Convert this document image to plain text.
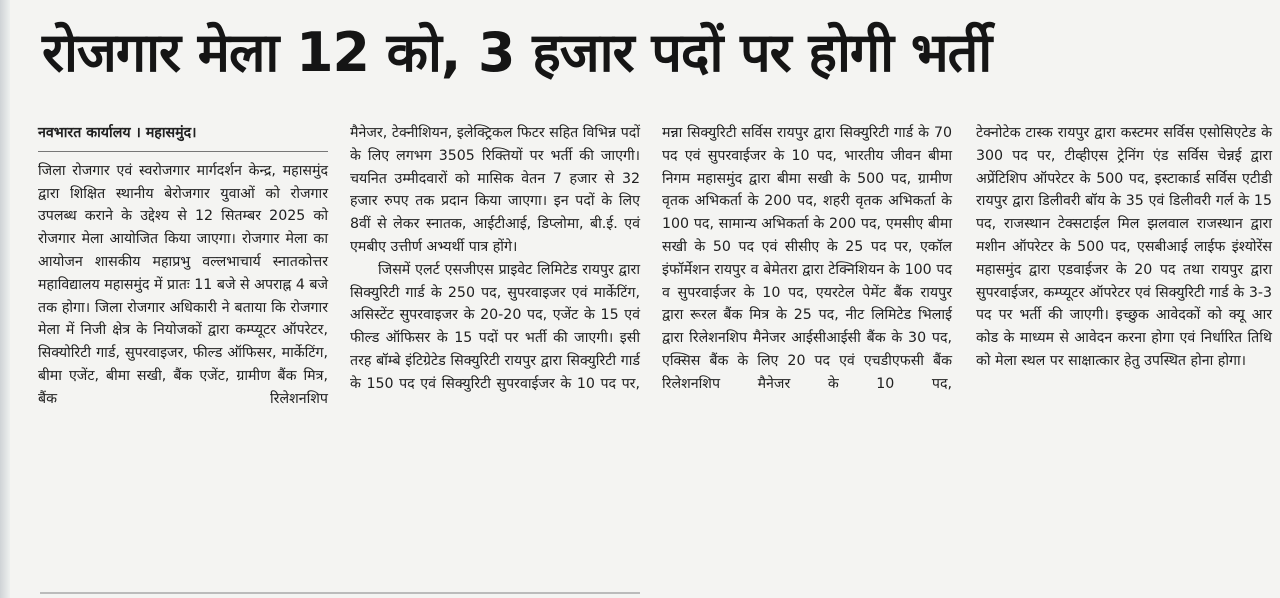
रोजगार मेला 12 को, 3 हजार पदों पर होगी भर्ती

नवभारत कार्यालय । महासमुंद।

जिला रोजगार एवं स्वरोजगार मार्गदर्शन केन्द्र, महासमुंद द्वारा शिक्षित स्थानीय बेरोजगार युवाओं को रोजगार उपलब्ध कराने के उद्देश्य से 12 सितम्बर 2025 को रोजगार मेला आयोजित किया जाएगा। रोजगार मेला का आयोजन शासकीय महाप्रभु वल्लभाचार्य स्नातकोत्तर महाविद्यालय महासमुंद में प्रातः 11 बजे से अपराह्न 4 बजे तक होगा। जिला रोजगार अधिकारी ने बताया कि रोजगार मेला में निजी क्षेत्र के नियोजकों द्वारा कम्प्यूटर ऑपरेटर, सिक्योरिटी गार्ड, सुपरवाइजर, फील्ड ऑफिसर, मार्केटिंग, बीमा एजेंट, बीमा सखी, बैंक एजेंट, ग्रामीण बैंक मित्र, बैंक रिलेशनशिप

मैनेजर, टेक्नीशियन, इलेक्ट्रिकल फिटर सहित विभिन्न पदों के लिए लगभग 3505 रिक्तियों पर भर्ती की जाएगी। चयनित उम्मीदवारों को मासिक वेतन 7 हजार से 32 हजार रुपए तक प्रदान किया जाएगा। इन पदों के लिए 8वीं से लेकर स्नातक, आईटीआई, डिप्लोमा, बी.ई. एवं एमबीए उत्तीर्ण अभ्यर्थी पात्र होंगे।

जिसमें एलर्ट एसजीएस प्राइवेट लिमिटेड रायपुर द्वारा सिक्युरिटी गार्ड के 250 पद, सुपरवाइजर एवं मार्केटिंग, असिस्टेंट सुपरवाइजर के 20-20 पद, एजेंट के 15 एवं फील्ड ऑफिसर के 15 पदों पर भर्ती की जाएगी। इसी तरह बॉम्बे इंटिग्रेटेड सिक्युरिटी रायपुर द्वारा सिक्युरिटी गार्ड के 150 पद एवं सिक्युरिटी सुपरवाईजर के 10 पद पर,

मन्ना सिक्युरिटी सर्विस रायपुर द्वारा सिक्युरिटी गार्ड के 70 पद एवं सुपरवाईजर के 10 पद, भारतीय जीवन बीमा निगम महासमुंद द्वारा बीमा सखी के 500 पद, ग्रामीण वृतक अभिकर्ता के 200 पद, शहरी वृतक अभिकर्ता के 100 पद, सामान्य अभिकर्ता के 200 पद, एमसीए बीमा सखी के 50 पद एवं सीसीए के 25 पद पर, एकॉल इंफॉर्मेशन रायपुर व बेमेतरा द्वारा टेक्निशियन के 100 पद व सुपरवाईजर के 10 पद, एयरटेल पेमेंट बैंक रायपुर द्वारा रूरल बैंक मित्र के 25 पद, नीट लिमिटेड भिलाई द्वारा रिलेशनशिप मैनेजर आईसीआईसी बैंक के 30 पद, एक्सिस बैंक के लिए 20 पद एवं एचडीएफसी बैंक रिलेशनशिप मैनेजर के 10 पद,

टेक्नोटेक टास्क रायपुर द्वारा कस्टमर सर्विस एसोसिएटेड के 300 पद पर, टीव्हीएस ट्रेनिंग एंड सर्विस चेन्नई द्वारा अप्रेंटिशिप ऑपरेटर के 500 पद, इस्टाकार्ड सर्विस एटीडी रायपुर द्वारा डिलीवरी बॉय के 35 एवं डिलीवरी गर्ल के 15 पद, राजस्थान टेक्सटाईल मिल झलवाल राजस्थान द्वारा मशीन ऑपरेटर के 500 पद, एसबीआई लाईफ इंश्योरेंस महासमुंद द्वारा एडवाईजर के 20 पद तथा रायपुर द्वारा सुपरवाईजर, कम्प्यूटर ऑपरेटर एवं सिक्युरिटी गार्ड के 3-3 पद पर भर्ती की जाएगी। इच्छुक आवेदकों को क्यू आर कोड के माध्यम से आवेदन करना होगा एवं निर्धारित तिथि को मेला स्थल पर साक्षात्कार हेतु उपस्थित होना होगा।
